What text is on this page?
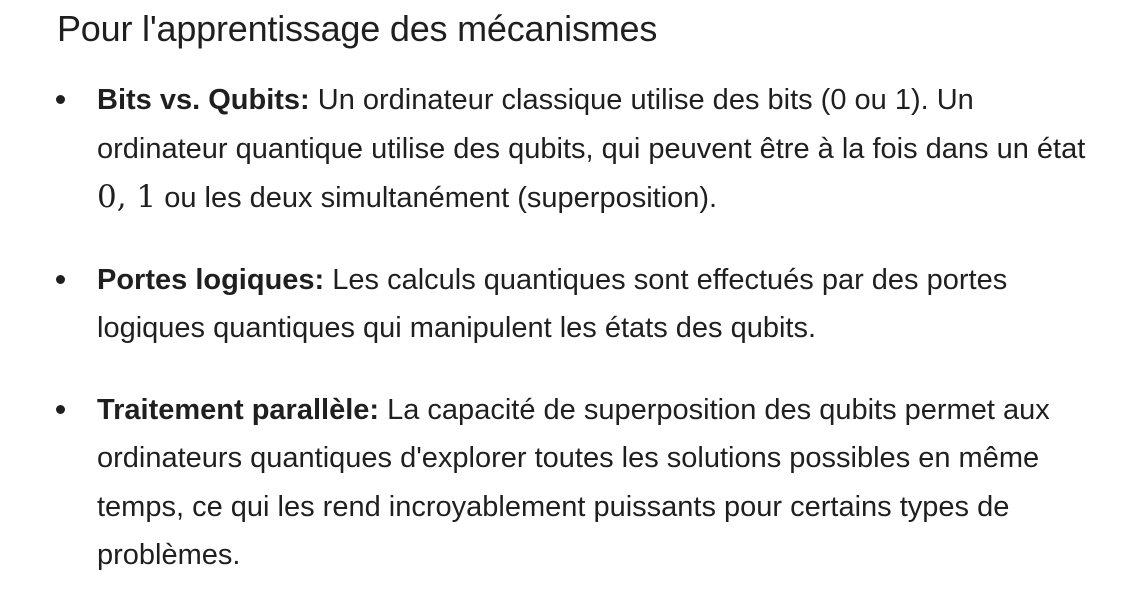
Pour l'apprentissage des mécanismes
Bits vs. Qubits: Un ordinateur classique utilise des bits (0 ou 1). Un ordinateur quantique utilise des qubits, qui peuvent être à la fois dans un état 0, 1 ou les deux simultanément (superposition).
Portes logiques: Les calculs quantiques sont effectués par des portes logiques quantiques qui manipulent les états des qubits.
Traitement parallèle: La capacité de superposition des qubits permet aux ordinateurs quantiques d'explorer toutes les solutions possibles en même temps, ce qui les rend incroyablement puissants pour certains types de problèmes.
